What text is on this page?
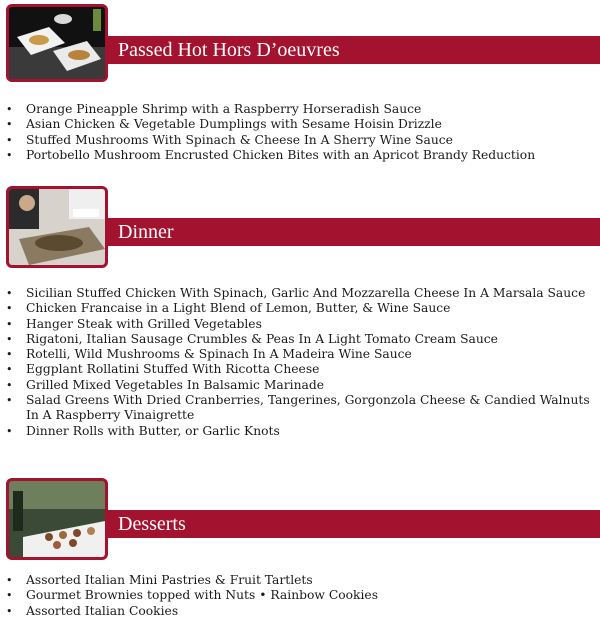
Passed Hot Hors D’oeuvres
• Orange Pineapple Shrimp with a Raspberry Horseradish Sauce
• Asian Chicken & Vegetable Dumplings with Sesame Hoisin Drizzle
• Stuffed Mushrooms With Spinach & Cheese In A Sherry Wine Sauce
• Portobello Mushroom Encrusted Chicken Bites with an Apricot Brandy Reduction
Dinner
• Sicilian Stuffed Chicken With Spinach, Garlic And Mozzarella Cheese In A Marsala Sauce
• Chicken Francaise in a Light Blend of Lemon, Butter, & Wine Sauce
• Hanger Steak with Grilled Vegetables
• Rigatoni, Italian Sausage Crumbles & Peas In A Light Tomato Cream Sauce
• Rotelli, Wild Mushrooms & Spinach In A Madeira Wine Sauce
• Eggplant Rollatini Stuffed With Ricotta Cheese
• Grilled Mixed Vegetables In Balsamic Marinade
• Salad Greens With Dried Cranberries, Tangerines, Gorgonzola Cheese & Candied Walnuts In A Raspberry Vinaigrette
• Dinner Rolls with Butter, or Garlic Knots
Desserts
• Assorted Italian Mini Pastries & Fruit Tartlets
• Gourmet Brownies topped with Nuts • Rainbow Cookies
• Assorted Italian Cookies
